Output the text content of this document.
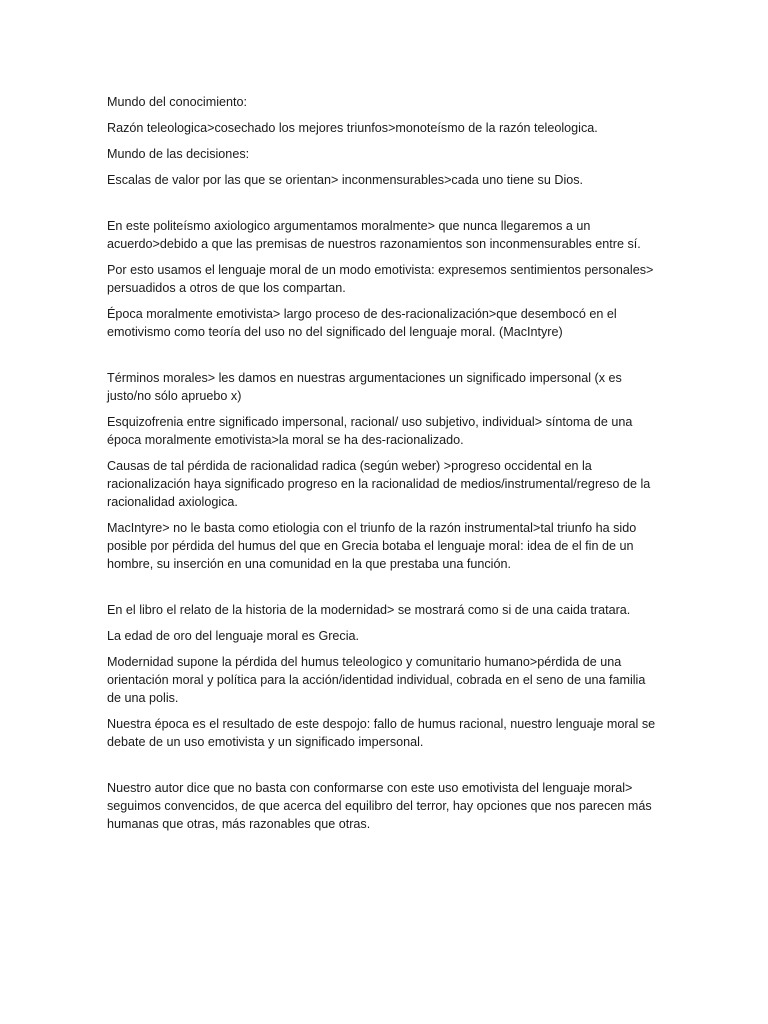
Mundo del conocimiento:

Razón teleologica>cosechado los mejores triunfos>monoteísmo de la razón teleologica.

Mundo de las decisiones:

Escalas de valor por las que se orientan> inconmensurables>cada uno tiene su Dios.

En este politeísmo axiologico argumentamos moralmente> que nunca llegaremos a un acuerdo>debido a que las premisas de nuestros razonamientos son inconmensurables entre sí.

Por esto usamos el lenguaje moral de un modo emotivista: expresemos sentimientos personales> persuadidos a otros de que los compartan.

Época moralmente emotivista> largo proceso de des-racionalización>que desembocó en el emotivismo como teoría del uso no del significado del lenguaje moral. (MacIntyre)

Términos morales> les damos en nuestras argumentaciones un significado impersonal (x es justo/no sólo apruebo x)

Esquizofrenia entre significado impersonal, racional/ uso subjetivo, individual> síntoma de una época moralmente emotivista>la moral se ha des-racionalizado.

Causas de tal pérdida de racionalidad radica (según weber) >progreso occidental en la racionalización haya significado progreso en la racionalidad de medios/instrumental/regreso de la racionalidad axiologica.

MacIntyre> no le basta como etiologia con el triunfo de la razón instrumental>tal triunfo ha sido posible por pérdida del humus del que en Grecia botaba el lenguaje moral: idea de el fin de un hombre, su inserción en una comunidad en la que prestaba una función.

En el libro el relato de la historia de la modernidad> se mostrará como si de una caida tratara.

La edad de oro del lenguaje moral es Grecia.

Modernidad supone la pérdida del humus teleologico y comunitario humano>pérdida de una orientación moral y política para la acción/identidad individual, cobrada en el seno de una familia de una polis.

Nuestra época es el resultado de este despojo: fallo de humus racional, nuestro lenguaje moral se debate de un uso emotivista y un significado impersonal.

Nuestro autor dice que no basta con conformarse con este uso emotivista del lenguaje moral> seguimos convencidos, de que acerca del equilibro del terror, hay opciones que nos parecen más humanas que otras, más razonables que otras.
